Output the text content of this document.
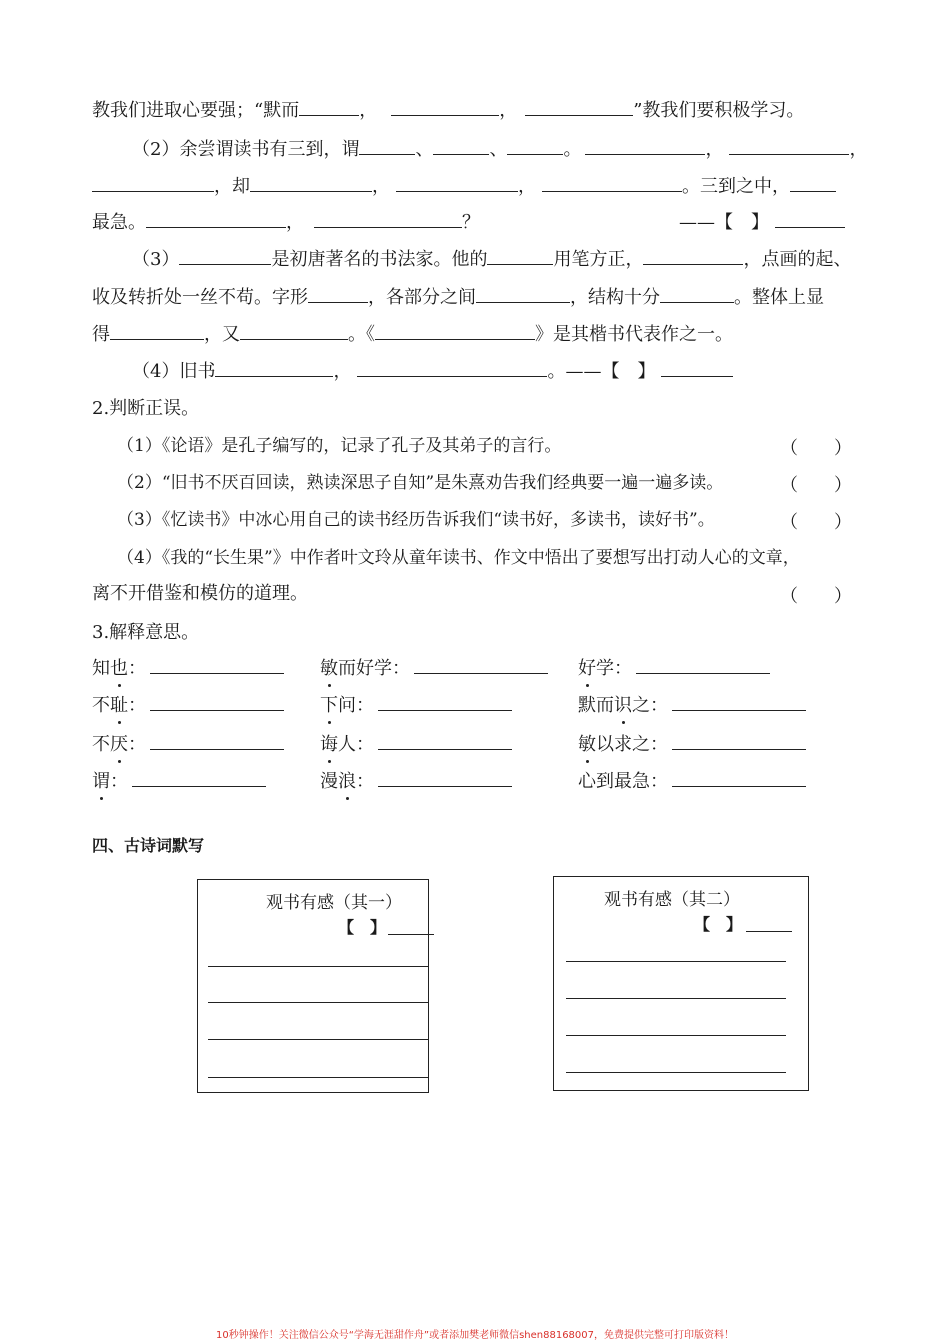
教我们进取心要强；“默而	，	，	”教我们要积极学习。
（2）余尝谓读书有三到，谓	、	、	。	，	，
，却	，	，	。三到之中，
最急。	，	？	——【　】
（3）	是初唐著名的书法家。他的	用笔方正，	，点画的起、
收及转折处一丝不苟。字形	，各部分之间	，结构十分	。整体上显
得	，又	。《	》是其楷书代表作之一。
（4）旧书	，	。——【　】
2.判断正误。
（1）《论语》是孔子编写的，记录了孔子及其弟子的言行。	（　　）
（2）“旧书不厌百回读，熟读深思子自知”是朱熹劝告我们经典要一遍一遍多读。	（　　）
（3）《忆读书》中冰心用自己的读书经历告诉我们“读书好，多读书，读好书”。	（　　）
（4）《我的“长生果”》中作者叶文玲从童年读书、作文中悟出了要想写出打动人心的文章，
离不开借鉴和模仿的道理。	（　　）
3.解释意思。
知也：	敏而好学：	好学：
不耻：	下问：	默而识之：
不厌：	诲人：	敏以求之：
谓：	漫浪：	心到最急：
四、古诗词默写
观书有感（其一）
【　】
观书有感（其二）
【　】
10秒钟操作！关注微信公众号“学海无涯甜作舟”或者添加樊老师微信shen88168007，免费提供完整可打印版资料！
